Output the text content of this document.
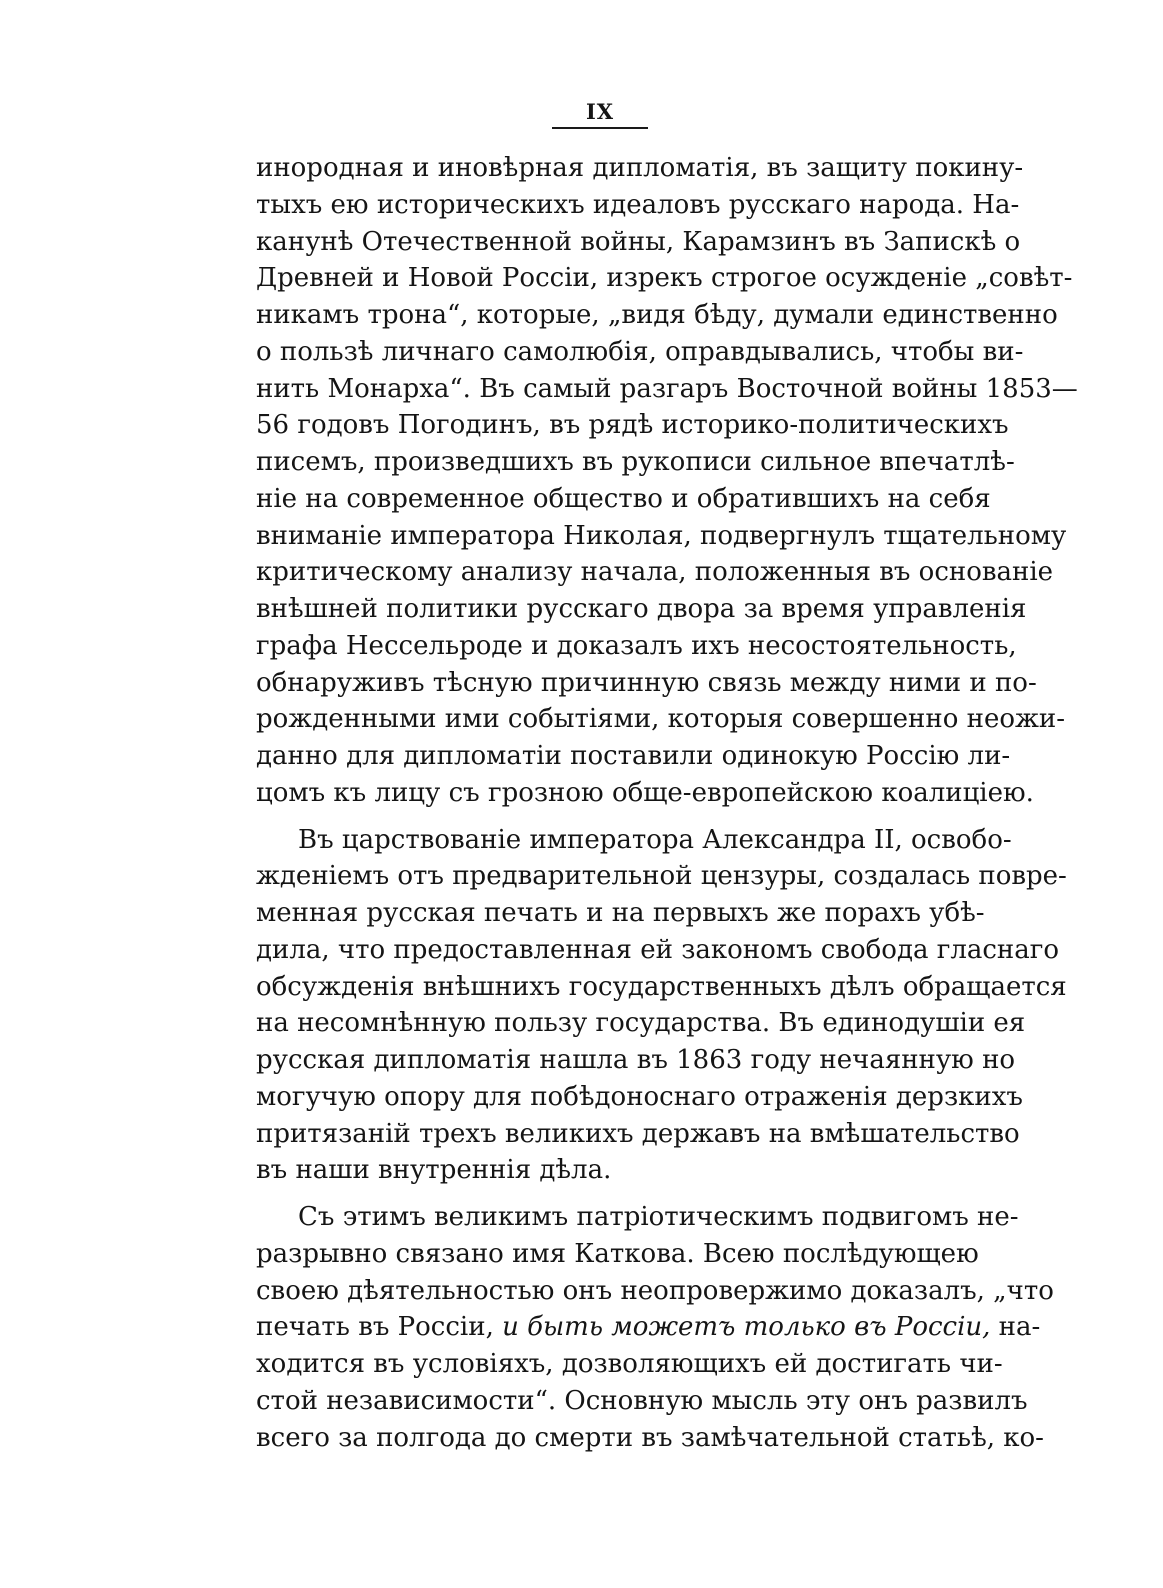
IX
инородная и иновѣрная дипломатія, въ защиту покину-
тыхъ ею историческихъ идеаловъ русскаго народа. На-
канунѣ Отечественной войны, Карамзинъ въ Запискѣ о
Древней и Новой Россіи, изрекъ строгое осужденіе „совѣт-
никамъ трона“, которые, „видя бѣду, думали единственно
о пользѣ личнаго самолюбія, оправдывались, чтобы ви-
нить Монарха“. Въ самый разгаръ Восточной войны 1853—
56 годовъ Погодинъ, въ рядѣ историко-политическихъ
писемъ, произведшихъ въ рукописи сильное впечатлѣ-
ніе на современное общество и обратившихъ на себя
вниманіе императора Николая, подвергнулъ тщательному
критическому анализу начала, положенныя въ основаніе
внѣшней политики русскаго двора за время управленія
графа Нессельроде и доказалъ ихъ несостоятельность,
обнаруживъ тѣсную причинную связь между ними и по-
рожденными ими событіями, которыя совершенно неожи-
данно для дипломатіи поставили одинокую Россію ли-
цомъ къ лицу съ грозною обще-европейскою коалиціею.
Въ царствованіе императора Александра II, освобо-
жденіемъ отъ предварительной цензуры, создалась повре-
менная русская печать и на первыхъ же порахъ убѣ-
дила, что предоставленная ей закономъ свобода гласнаго
обсужденія внѣшнихъ государственныхъ дѣлъ обращается
на несомнѣнную пользу государства. Въ единодушіи ея
русская дипломатія нашла въ 1863 году нечаянную но
могучую опору для побѣдоноснаго отраженія дерзкихъ
притязаній трехъ великихъ державъ на вмѣшательство
въ наши внутреннія дѣла.
Съ этимъ великимъ патріотическимъ подвигомъ не-
разрывно связано имя Каткова. Всею послѣдующею
своею дѣятельностью онъ неопровержимо доказалъ, „что
печать въ Россіи, и быть можетъ только въ Россіи, на-
ходится въ условіяхъ, дозволяющихъ ей достигать чи-
стой независимости“. Основную мысль эту онъ развилъ
всего за полгода до смерти въ замѣчательной статьѣ, ко-
